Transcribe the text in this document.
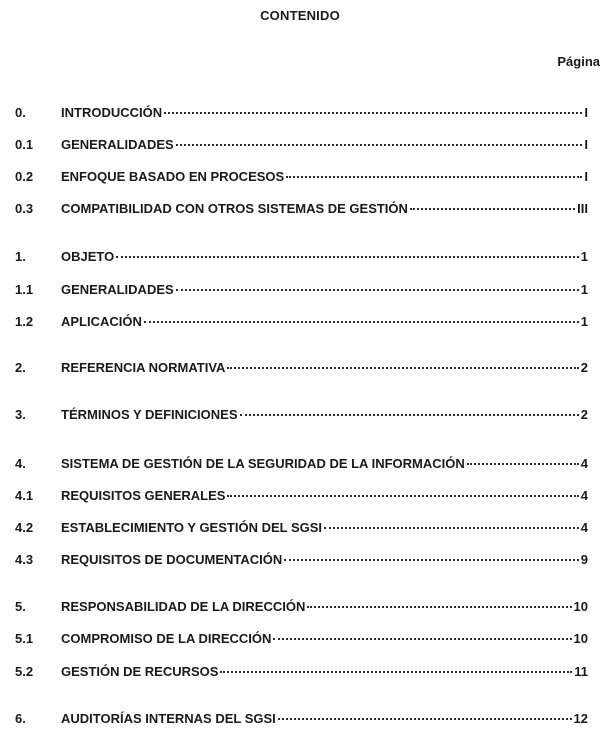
CONTENIDO
Página
0.	INTRODUCCIÓN	I
0.1 GENERALIDADES	I
0.2 ENFOQUE BASADO EN PROCESOS	I
0.3 COMPATIBILIDAD CON OTROS SISTEMAS DE GESTIÓN	III
1.	OBJETO	1
1.1 GENERALIDADES	1
1.2 APLICACIÓN	1
2.	REFERENCIA NORMATIVA	2
3.	TÉRMINOS Y DEFINICIONES	2
4.	SISTEMA DE GESTIÓN DE LA SEGURIDAD DE LA INFORMACIÓN	4
4.1 REQUISITOS GENERALES	4
4.2 ESTABLECIMIENTO Y GESTIÓN DEL SGSI	4
4.3 REQUISITOS DE DOCUMENTACIÓN	9
5.	RESPONSABILIDAD DE LA DIRECCIÓN	10
5.1 COMPROMISO DE LA DIRECCIÓN	10
5.2 GESTIÓN DE RECURSOS	11
6.	AUDITORÍAS INTERNAS DEL SGSI	12
